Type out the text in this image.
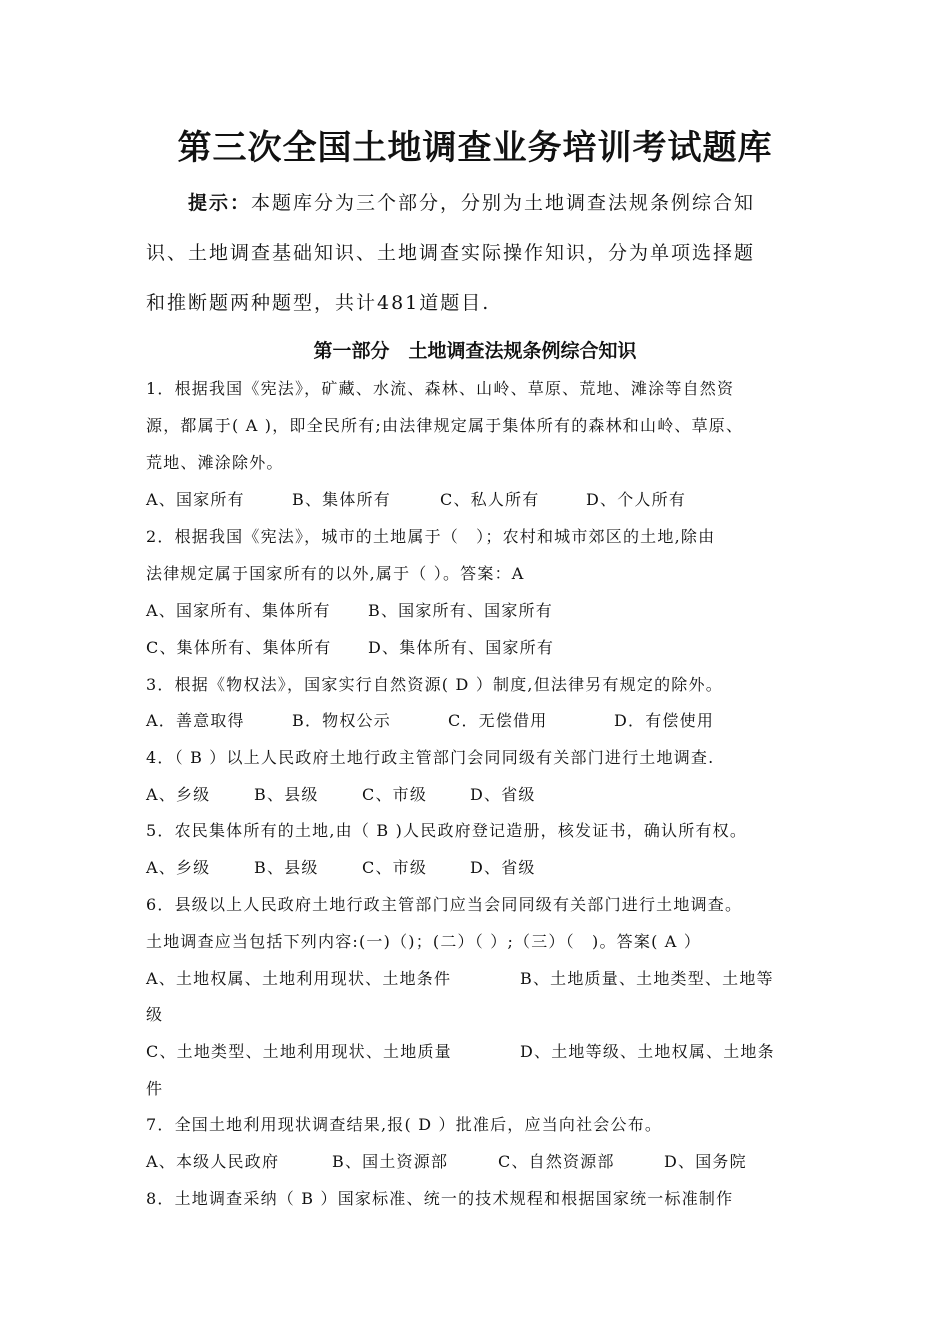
第三次全国土地调查业务培训考试题库
提示：本题库分为三个部分，分别为土地调查法规条例综合知
识、土地调查基础知识、土地调查实际操作知识，分为单项选择题
和推断题两种题型，共计481道题目.
第一部分　土地调查法规条例综合知识
1．根据我国《宪法》，矿藏、水流、森林、山岭、草原、荒地、滩涂等自然资
源，都属于( A )，即全民所有;由法律规定属于集体所有的森林和山岭、草原、
荒地、滩涂除外。
A、国家所有	B、集体所有	C、私人所有	D、个人所有
2．根据我国《宪法》，城市的土地属于（　）；农村和城市郊区的土地,除由
法律规定属于国家所有的以外,属于（ ）。答案：A
A、国家所有、集体所有 B、国家所有、国家所有
C、集体所有、集体所有 D、集体所有、国家所有
3．根据《物权法》，国家实行自然资源( D ）制度,但法律另有规定的除外。
A．善意取得	B．物权公示	C．无偿借用	D．有偿使用
4．（ B ）以上人民政府土地行政主管部门会同同级有关部门进行土地调查.
A、乡级	B、县级	C、市级	D、省级
5．农民集体所有的土地,由（ B )人民政府登记造册，核发证书，确认所有权。
A、乡级	B、县级	C、市级	D、省级
6．县级以上人民政府土地行政主管部门应当会同同级有关部门进行土地调查。
土地调查应当包括下列内容:(一)（)；(二）（ ）;（三）（　)。答案( A ）
A、土地权属、土地利用现状、土地条件	B、土地质量、土地类型、土地等
级
C、土地类型、土地利用现状、土地质量	D、土地等级、土地权属、土地条
件
7．全国土地利用现状调查结果,报( D ）批准后，应当向社会公布。
A、本级人民政府	B、国土资源部	C、自然资源部	D、国务院
8．土地调查采纳（ B ）国家标准、统一的技术规程和根据国家统一标准制作
